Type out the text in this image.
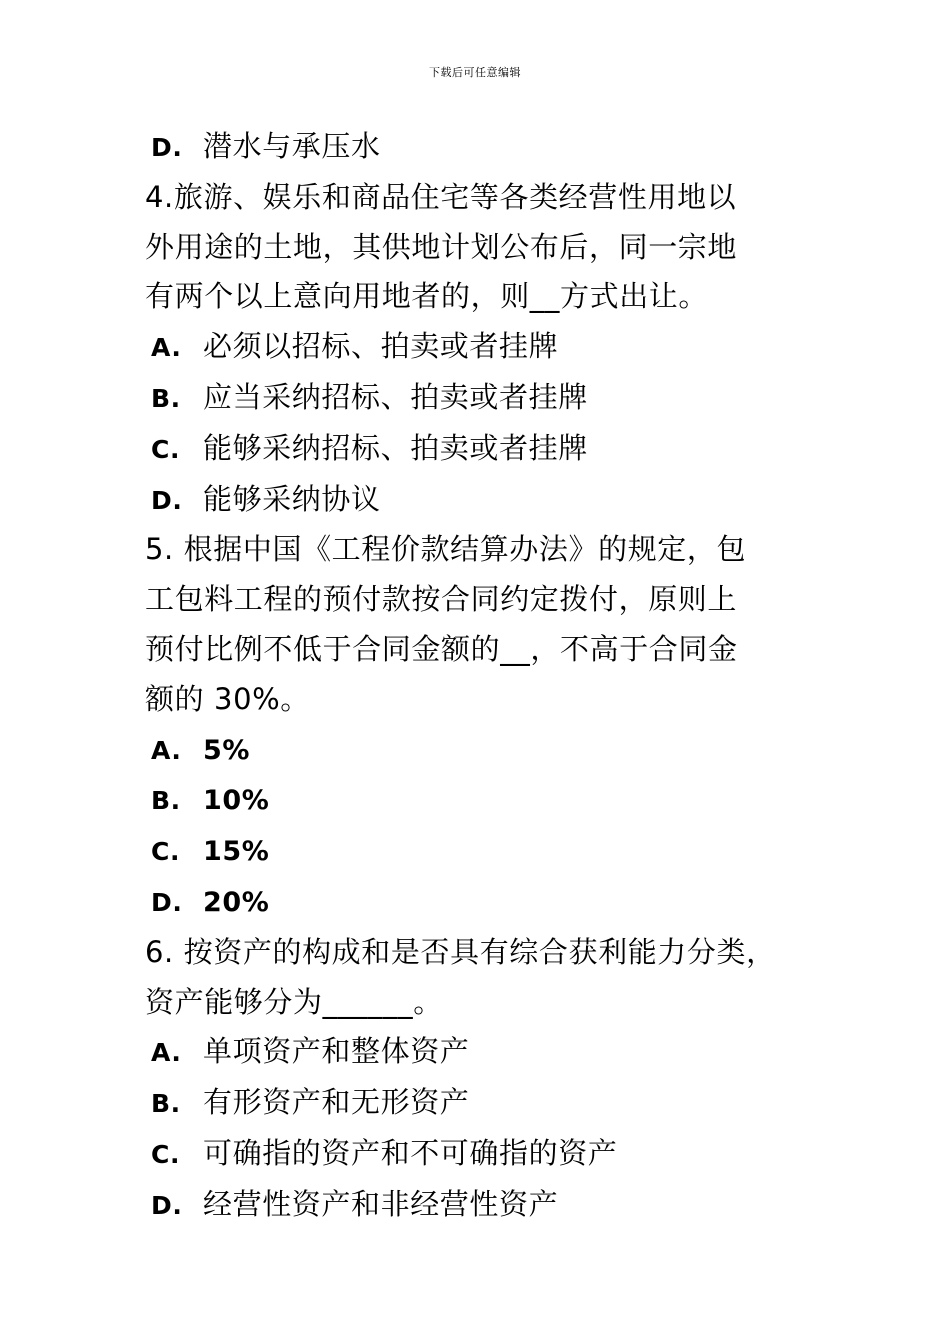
下载后可任意编辑
D. 潜水与承压水
4.旅游、娱乐和商品住宅等各类经营性用地以
外用途的土地，其供地计划公布后，同一宗地
有两个以上意向用地者的，则__方式出让。
A. 必须以招标、拍卖或者挂牌
B. 应当采纳招标、拍卖或者挂牌
C. 能够采纳招标、拍卖或者挂牌
D. 能够采纳协议
5. 根据中国《工程价款结算办法》的规定，包
工包料工程的预付款按合同约定拨付，原则上
预付比例不低于合同金额的__，不高于合同金
额的 30%。
A. 5%
B. 10%
C. 15%
D. 20%
6. 按资产的构成和是否具有综合获利能力分类，
资产能够分为______。
A. 单项资产和整体资产
B. 有形资产和无形资产
C. 可确指的资产和不可确指的资产
D. 经营性资产和非经营性资产
